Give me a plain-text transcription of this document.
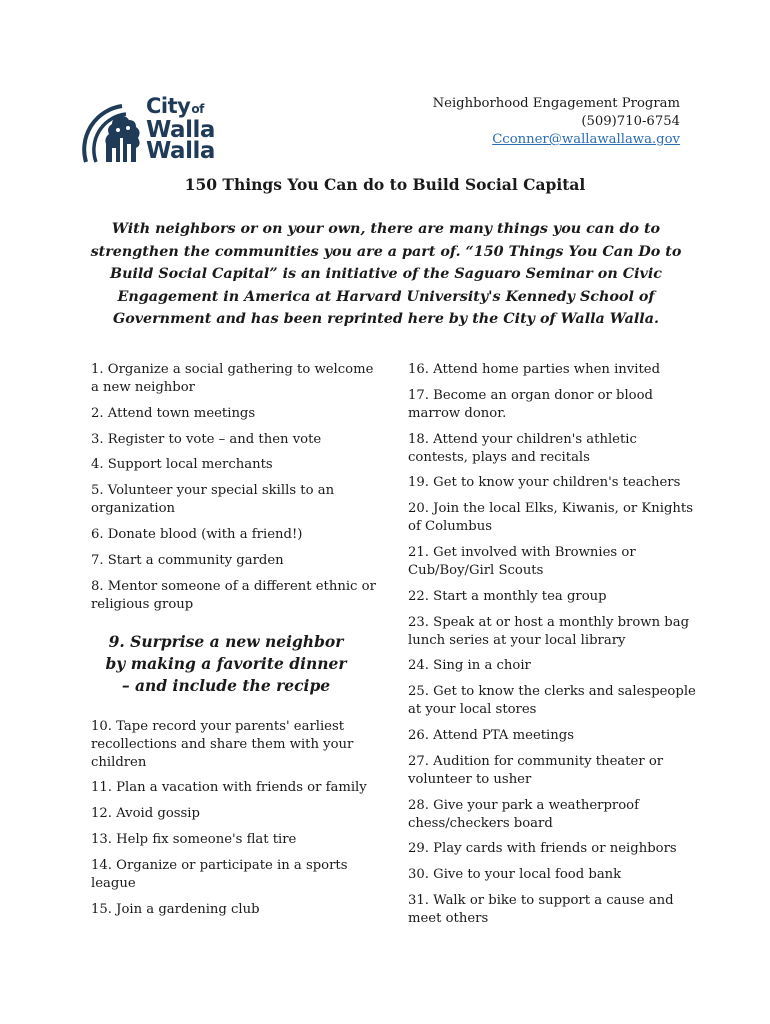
Cityof
Walla
Walla
Neighborhood Engagement Program
(509)710-6754
Cconner@wallawallawa.gov
150 Things You Can do to Build Social Capital
With neighbors or on your own, there are many things you can do to strengthen the communities you are a part of. “150 Things You Can Do to Build Social Capital” is an initiative of the Saguaro Seminar on Civic Engagement in America at Harvard University's Kennedy School of Government and has been reprinted here by the City of Walla Walla.
1. Organize a social gathering to welcome a new neighbor
2. Attend town meetings
3. Register to vote – and then vote
4. Support local merchants
5. Volunteer your special skills to an organization
6. Donate blood (with a friend!)
7. Start a community garden
8. Mentor someone of a different ethnic or religious group
9. Surprise a new neighbor
by making a favorite dinner
– and include the recipe
10. Tape record your parents' earliest recollections and share them with your children
11. Plan a vacation with friends or family
12. Avoid gossip
13. Help fix someone's flat tire
14. Organize or participate in a sports league
15. Join a gardening club
16. Attend home parties when invited
17. Become an organ donor or blood marrow donor.
18. Attend your children's athletic contests, plays and recitals
19. Get to know your children's teachers
20. Join the local Elks, Kiwanis, or Knights of Columbus
21. Get involved with Brownies or Cub/Boy/Girl Scouts
22. Start a monthly tea group
23. Speak at or host a monthly brown bag lunch series at your local library
24. Sing in a choir
25. Get to know the clerks and salespeople at your local stores
26. Attend PTA meetings
27. Audition for community theater or volunteer to usher
28. Give your park a weatherproof chess/checkers board
29. Play cards with friends or neighbors
30. Give to your local food bank
31. Walk or bike to support a cause and meet others
